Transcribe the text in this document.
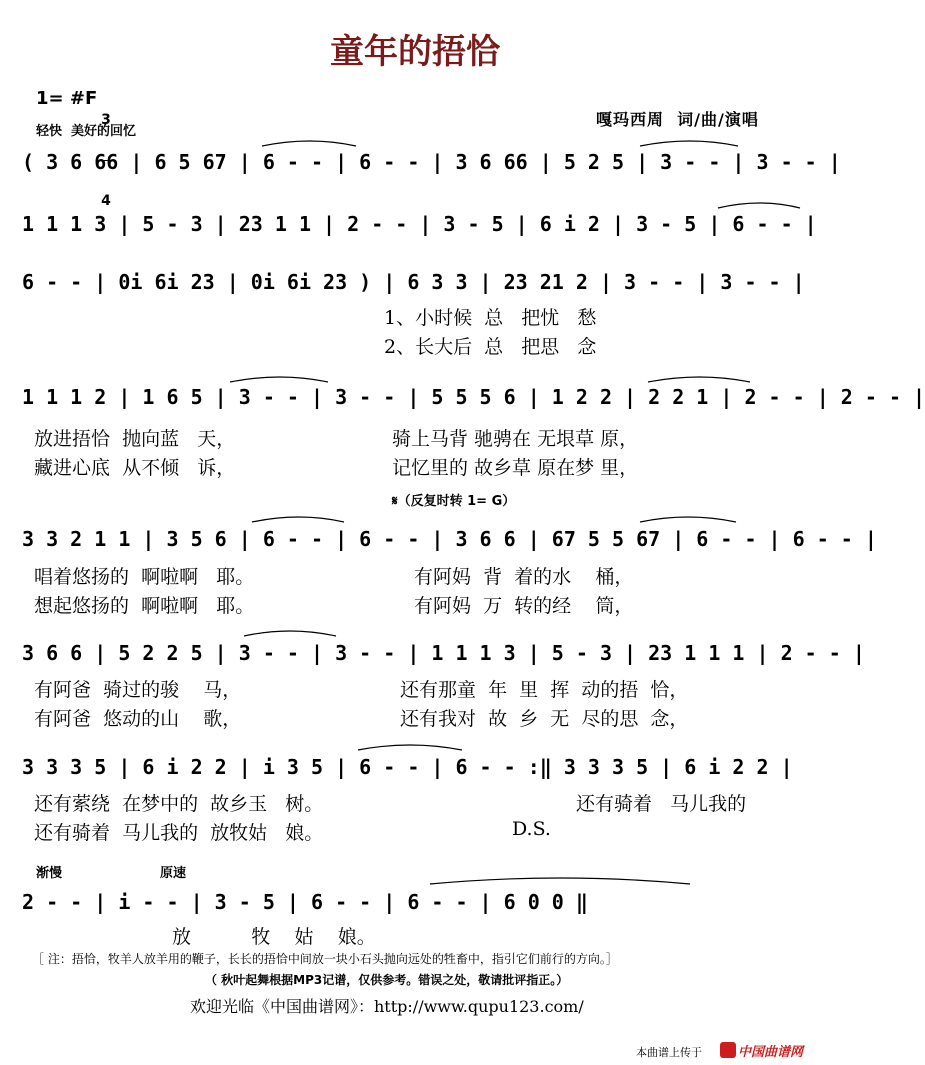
童年的捂恰
1= #F

3

4

轻快  美好的回忆
嘎玛西周  词/曲/演唱
( 3 6 66 | 6 5 67 | 6 - - | 6 - - | 3 6 66 | 5 2 5 | 3 - - | 3 - - |
1 1 1 3 | 5 - 3 | 23 1 1 | 2 - - | 3 - 5 | 6 i 2 | 3 - 5 | 6 - - |
6 - - | 0i 6i 23 | 0i 6i 23 ) | 6 3 3 | 23 21 2 | 3 - - | 3 - - |
1、小时候  总   把忧   愁
2、长大后  总   把思   念
1 1 1 2 | 1 6 5 | 3 - - | 3 - - | 5 5 5 6 | 1 2 2 | 2 2 1 | 2 - - | 2 - - |
放进捂恰  抛向蓝   天，	骑上马背 驰骋在 无垠草 原，
藏进心底  从不倾   诉，	记忆里的 故乡草 原在梦 里，
𝄋（反复时转 1= G）
3 3 2 1 1 | 3 5 6 | 6 - - | 6 - - | 3 6 6 | 67 5 5 67 | 6 - - | 6 - - |
唱着悠扬的  啊啦啊   耶。	有阿妈  背  着的水    桶，
想起悠扬的  啊啦啊   耶。	有阿妈  万  转的经    筒，
3 6 6 | 5 2 2 5 | 3 - - | 3 - - | 1 1 1 3 | 5 - 3 | 23 1 1 1 | 2 - - |
有阿爸  骑过的骏    马，	还有那童  年  里  挥  动的捂  恰，
有阿爸  悠动的山    歌，	还有我对  故  乡  无  尽的思  念，
3 3 3 5 | 6 i 2 2 | i 3 5 | 6 - - | 6 - - :‖ 3 3 3 5 | 6 i 2 2 |
还有萦绕  在梦中的  故乡玉   树。	还有骑着   马儿我的
还有骑着  马儿我的  放牧姑   娘。	D.S.
渐慢	原速
2 - - | i - - | 3 - 5 | 6 - - | 6 - - | 6 0 0 ‖
放          牧    姑    娘。
［ 注：捂恰，牧羊人放羊用的鞭子，长长的捂恰中间放一块小石头抛向远处的牲畜中，指引它们前行的方向。］
（ 秋叶起舞根据MP3记谱，仅供参考。错误之处，敬请批评指正。）
欢迎光临《中国曲谱网》：http://www.qupu123.com/
本曲谱上传于	中国曲谱网
